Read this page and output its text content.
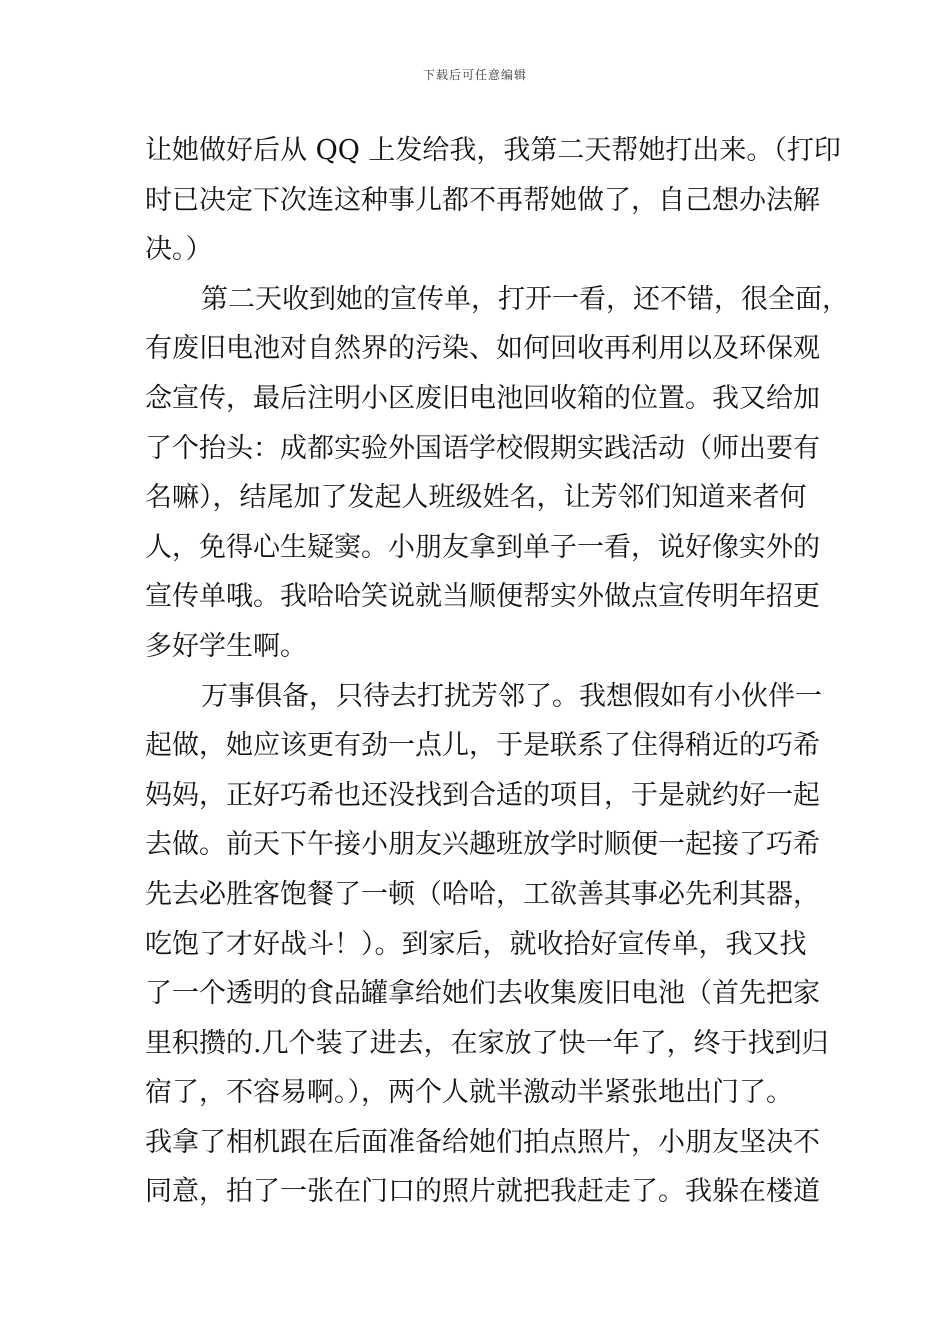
下载后可任意编辑
让她做好后从 QQ 上发给我，我第二天帮她打出来。（打印
时已决定下次连这种事儿都不再帮她做了，自己想办法解
决。）
第二天收到她的宣传单，打开一看，还不错，很全面，
有废旧电池对自然界的污染、如何回收再利用以及环保观
念宣传，最后注明小区废旧电池回收箱的位置。我又给加
了个抬头：成都实验外国语学校假期实践活动（师出要有
名嘛），结尾加了发起人班级姓名，让芳邻们知道来者何
人，免得心生疑窦。小朋友拿到单子一看，说好像实外的
宣传单哦。我哈哈笑说就当顺便帮实外做点宣传明年招更
多好学生啊。
万事俱备，只待去打扰芳邻了。我想假如有小伙伴一
起做，她应该更有劲一点儿，于是联系了住得稍近的巧希
妈妈，正好巧希也还没找到合适的项目，于是就约好一起
去做。前天下午接小朋友兴趣班放学时顺便一起接了巧希
先去必胜客饱餐了一顿（哈哈，工欲善其事必先利其器，
吃饱了才好战斗！）。到家后，就收拾好宣传单，我又找
了一个透明的食品罐拿给她们去收集废旧电池（首先把家
里积攒的.几个装了进去，在家放了快一年了，终于找到归
宿了，不容易啊。），两个人就半激动半紧张地出门了。
我拿了相机跟在后面准备给她们拍点照片，小朋友坚决不
同意，拍了一张在门口的照片就把我赶走了。我躲在楼道
